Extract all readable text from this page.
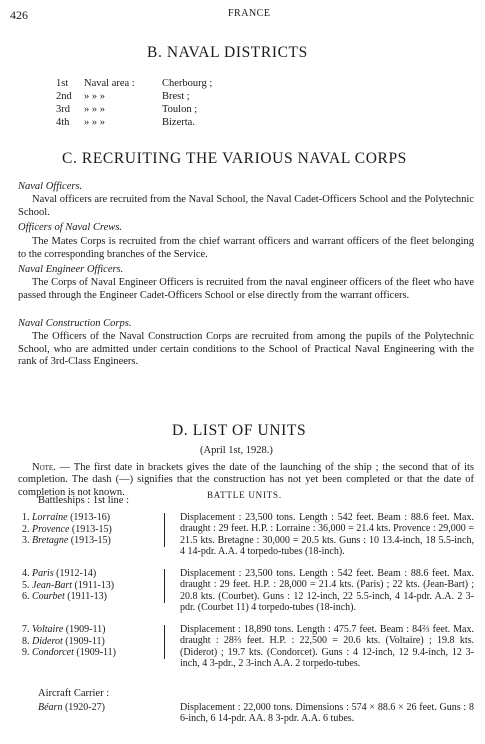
426	FRANCE
B. NAVAL DISTRICTS
1st	Naval area :	Cherbourg ;
2nd	» » »	Brest ;
3rd	» » »	Toulon ;
4th	» » »	Bizerta.
C. RECRUITING THE VARIOUS NAVAL CORPS
Naval Officers.
Naval officers are recruited from the Naval School, the Naval Cadet-Officers School and the Polytechnic School.
Officers of Naval Crews.
The Mates Corps is recruited from the chief warrant officers and warrant officers of the fleet belonging to the corresponding branches of the Service.
Naval Engineer Officers.
The Corps of Naval Engineer Officers is recruited from the naval engineer officers of the fleet who have passed through the Engineer Cadet-Officers School or else directly from the warrant officers.
Naval Construction Corps.
The Officers of the Naval Construction Corps are recruited from among the pupils of the Polytechnic School, who are admitted under certain conditions to the School of Practical Naval Engineering with the rank of 3rd-Class Engineers.
D. LIST OF UNITS
(April 1st, 1928.)
Note. — The first date in brackets gives the date of the launching of the ship ; the second that of its completion. The dash (—) signifies that the construction has not yet been completed or that the date of completion is not known.	BATTLE UNITS.
Battleships : 1st line :
1. Lorraine (1913-16)
2. Provence (1913-15)
3. Bretagne (1913-15)
Displacement : 23,500 tons. Length : 542 feet. Beam : 88.6 feet. Max. draught : 29 feet. H.P. : Lorraine : 36,000 = 21.4 kts. Provence : 29,000 = 21.5 kts. Bretagne : 30,000 = 20.5 kts. Guns : 10 13.4-inch, 18 5.5-inch, 4 14-pdr. A.A. 4 torpedo-tubes (18-inch).
4. Paris (1912-14)
5. Jean-Bart (1911-13)
6. Courbet (1911-13)
Displacement : 23,500 tons. Length : 542 feet. Beam : 88.6 feet. Max. draught : 29 feet. H.P. : 28,000 = 21.4 kts. (Paris) ; 22 kts. (Jean-Bart) ; 20.8 kts. (Courbet). Guns : 12 12-inch, 22 5.5-inch, 4 14-pdr. A.A. 2 3-pdr. (Courbet 11) 4 torpedo-tubes (18-inch).
7. Voltaire (1909-11)
8. Diderot (1909-11)
9. Condorcet (1909-11)
Displacement : 18,890 tons. Length : 475.7 feet. Beam : 84⅔ feet. Max. draught : 28⅔ feet. H.P. : 22,500 = 20.6 kts. (Voltaire) ; 19.8 kts. (Diderot) ; 19.7 kts. (Condorcet). Guns : 4 12-inch, 12 9.4-inch, 12 3-inch, 4 3-pdr., 2 3-inch A.A. 2 torpedo-tubes.
Aircraft Carrier :
Béarn (1920-27)	Displacement : 22,000 tons. Dimensions : 574 × 88.6 × 26 feet. Guns : 8 6-inch, 6 14-pdr. AA. 8 3-pdr. A.A. 6 tubes.
